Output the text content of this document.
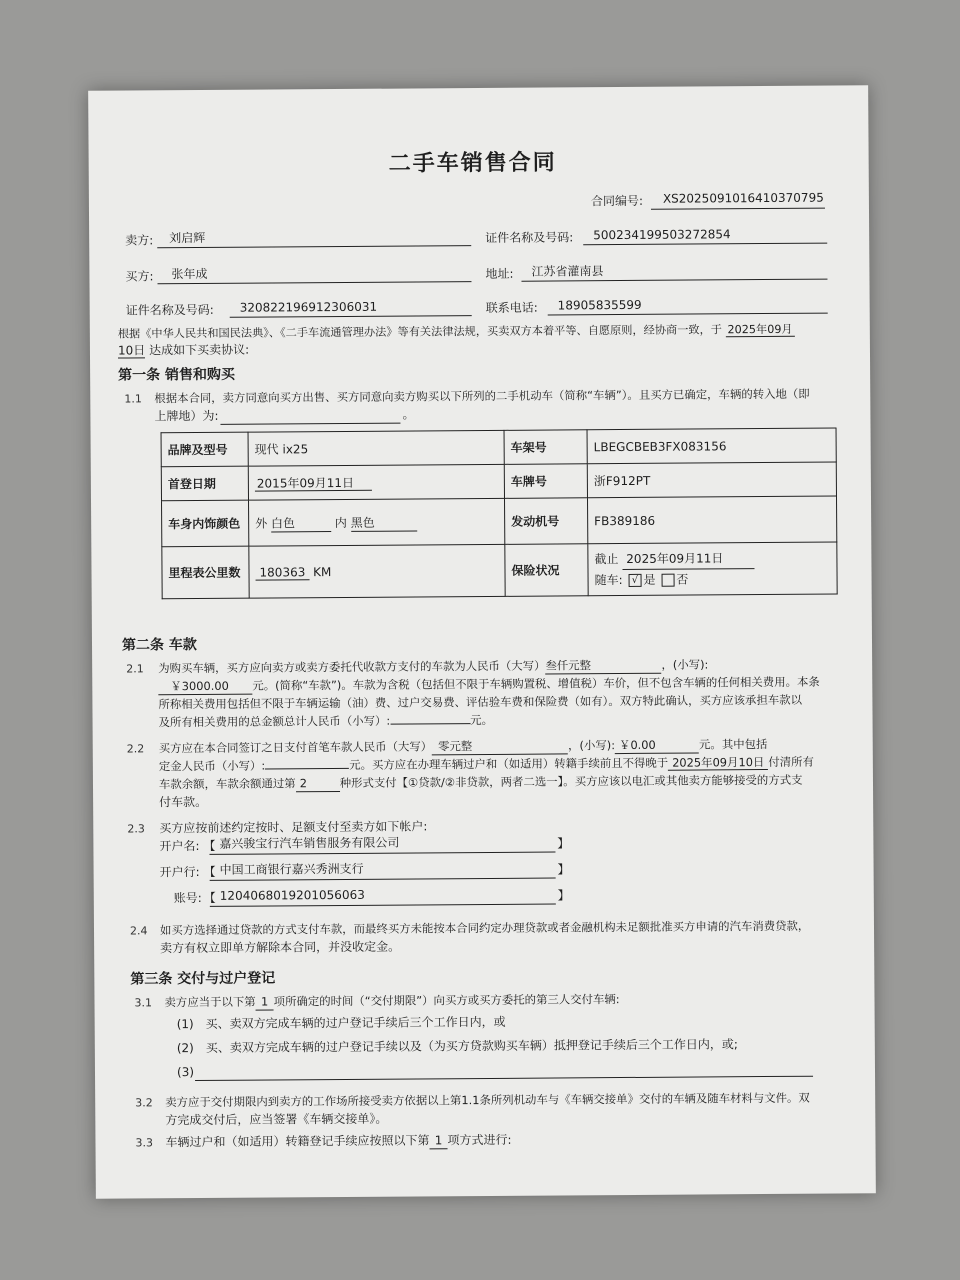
二手车销售合同
合同编号: XS2025091016410370795
卖方: 刘启辉	证件名称及号码: 500234199503272854
买方: 张年成	地址: 江苏省灌南县
证件名称及号码: 320822196912306031	联系电话: 18905835599
根据《中华人民共和国民法典》、《二手车流通管理办法》等有关法律法规，买卖双方本着平等、自愿原则，经协商一致，于 2025年09月
10日 达成如下买卖协议:
第一条 销售和购买
1.1 根据本合同，卖方同意向买方出售、买方同意向卖方购买以下所列的二手机动车（简称“车辆”）。且买方已确定，车辆的转入地（即
上牌地）为:	。
品牌及型号	现代 ix25	车架号	LBEGCBEB3FX083156
首登日期	2015年09月11日	车牌号	浙F912PT
车身内饰颜色	外 白色 内 黑色	发动机号	FB389186
里程表公里数	180363 KM	保险状况	截止 2025年09月11日
随车: √ 是 否
第二条 车款
2.1 为购买车辆，买方应向卖方或卖方委托代收款方支付的车款为人民币（大写）叁仟元整	，(小写):
￥3000.00 元。(简称“车款”)。车款为含税（包括但不限于车辆购置税、增值税）车价，但不包含车辆的任何相关费用。本条
所称相关费用包括但不限于车辆运输（油）费、过户交易费、评估验车费和保险费（如有）。双方特此确认，买方应该承担车款以
及所有相关费用的总金额总计人民币（小写）:	元。
2.2 买方应在本合同签订之日支付首笔车款人民币（大写） 零元整	，(小写): ￥0.00	元。其中包括
定金人民币（小写）:	元。买方应在办理车辆过户和（如适用）转籍手续前且不得晚于 2025年09月10日 付清所有
车款余额，车款余额通过第 2	种形式支付【①贷款/②非贷款，两者二选一】。买方应该以电汇或其他卖方能够接受的方式支
付车款。
2.3 买方应按前述约定按时、足额支付至卖方如下帐户:
开户名: 【 嘉兴骏宝行汽车销售服务有限公司	】
开户行: 【 中国工商银行嘉兴秀洲支行	】
账号: 【 1204068019201056063	】
2.4 如买方选择通过贷款的方式支付车款，而最终买方未能按本合同约定办理贷款或者金融机构未足额批准买方申请的汽车消费贷款，
卖方有权立即单方解除本合同，并没收定金。
第三条 交付与过户登记
3.1 卖方应当于以下第 1 项所确定的时间（“交付期限”）向买方或买方委托的第三人交付车辆:
(1)　买、卖双方完成车辆的过户登记手续后三个工作日内，或
(2)　买、卖双方完成车辆的过户登记手续以及（为买方贷款购买车辆）抵押登记手续后三个工作日内，或;
(3)
3.2 卖方应于交付期限内到卖方的工作场所接受卖方依据以上第1.1条所列机动车与《车辆交接单》交付的车辆及随车材料与文件。双
方完成交付后，应当签署《车辆交接单》。
3.3 车辆过户和（如适用）转籍登记手续应按照以下第 1 项方式进行:
